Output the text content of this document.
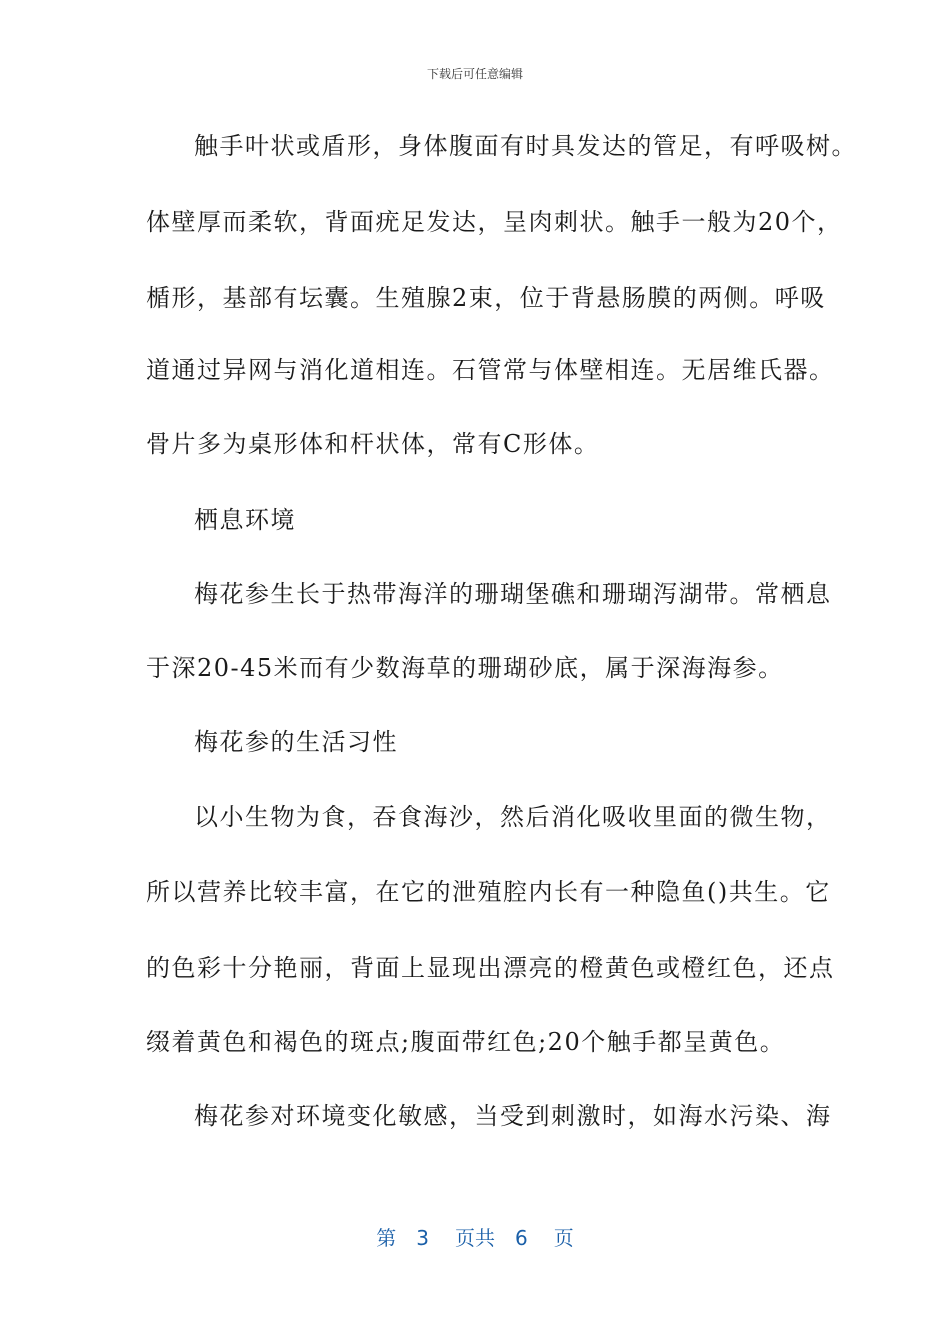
下载后可任意编辑
触手叶状或盾形，身体腹面有时具发达的管足，有呼吸树。
体壁厚而柔软，背面疣足发达，呈肉刺状。触手一般为20个，
楯形，基部有坛囊。生殖腺2束，位于背悬肠膜的两侧。呼吸
道通过异网与消化道相连。石管常与体壁相连。无居维氏器。
骨片多为桌形体和杆状体，常有C形体。
栖息环境
梅花参生长于热带海洋的珊瑚堡礁和珊瑚泻湖带。常栖息
于深20-45米而有少数海草的珊瑚砂底，属于深海海参。
梅花参的生活习性
以小生物为食，吞食海沙，然后消化吸收里面的微生物，
所以营养比较丰富，在它的泄殖腔内长有一种隐鱼()共生。它
的色彩十分艳丽，背面上显现出漂亮的橙黄色或橙红色，还点
缀着黄色和褐色的斑点;腹面带红色;20个触手都呈黄色。
梅花参对环境变化敏感，当受到刺激时，如海水污染、海
第 3 页共 6 页
